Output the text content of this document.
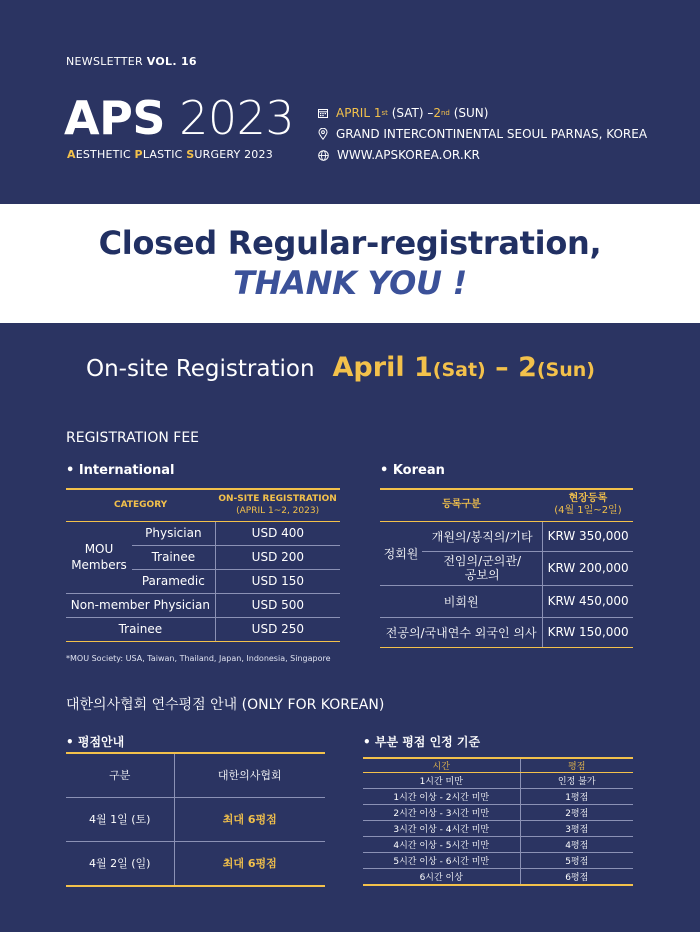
NEWSLETTER VOL. 16
APS 2023
AESTHETIC PLASTIC SURGERY 2023
APRIL 1 st
(SAT) – 2 nd
(SUN)
GRAND INTERCONTINENTAL SEOUL PARNAS, KOREA
WWW.APSKOREA.OR.KR
Closed Regular-registration,
THANK YOU !
On-site Registration April 1(Sat) – 2(Sun)
REGISTRATION FEE
• International	• Korean
CATEGORY		ON-SITE REGISTRATION
(APRIL 1~2, 2023)

MOU Members	Physician	USD 400
	Trainee	USD 200
	Paramedic	USD 150
Non-member Physician		USD 500
Trainee		USD 250
등록구분		현장등록
(4월 1일~2일)

정회원	개원의/봉직의/기타	KRW 350,000
	전임의/군의관/
공보의	KRW 200,000
비회원		KRW 450,000
전공의/국내연수 외국인 의사		KRW 150,000
*MOU Society: USA, Taiwan, Thailand, Japan, Indonesia, Singapore
대한의사협회 연수평점 안내 (ONLY FOR KOREAN)
• 평점안내	• 부분 평점 인정 기준
구분	대한의사협회
4월 1일 (토)	최대 6평점
4월 2일 (일)	최대 6평점
시간	평점
1시간 미만	인정 불가
1시간 이상 - 2시간 미만	1평점
2시간 이상 - 3시간 미만	2평점
3시간 이상 - 4시간 미만	3평점
4시간 이상 - 5시간 미만	4평점
5시간 이상 - 6시간 미만	5평점
6시간 이상	6평점
